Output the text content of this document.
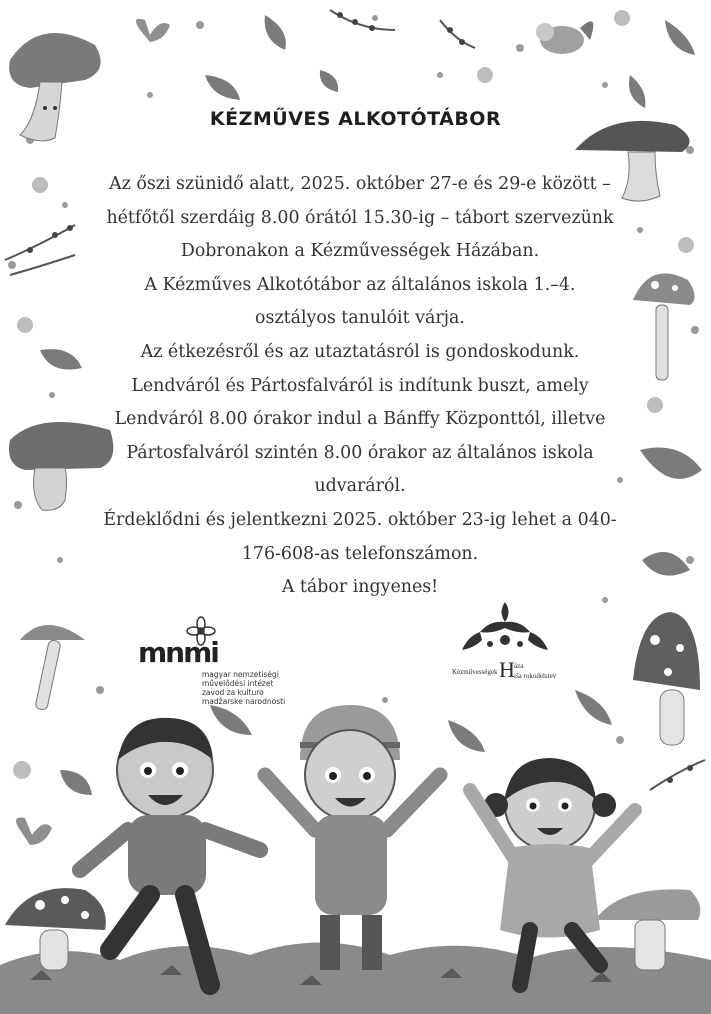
KÉZMŰVES ALKOTÓTÁBOR
Az őszi szünidő alatt, 2025. október 27-e és 29-e között –
hétfőtől szerdáig 8.00 órától 15.30-ig – tábort szervezünk
Dobronakon a Kézművességek Házában.
A Kézműves Alkotótábor az általános iskola 1.–4.
osztályos tanulóit várja.
Az étkezésről és az utaztatásról is gondoskodunk.
Lendváról és Pártosfalváról is indítunk buszt, amely
Lendváról 8.00 órakor indul a Bánffy Központtól, illetve
Pártosfalváról szintén 8.00 órakor az általános iskola
udvaráról.
Érdeklődni és jelentkezni 2025. október 23-ig lehet a 040-
176-608-as telefonszámon.
A tábor ingyenes!
mnmi
magyar nemzetiségi
művelődési intézet
zavod za kulturo
madžarske narodnosti
Kézművességek H áza
iša rokodelstev
